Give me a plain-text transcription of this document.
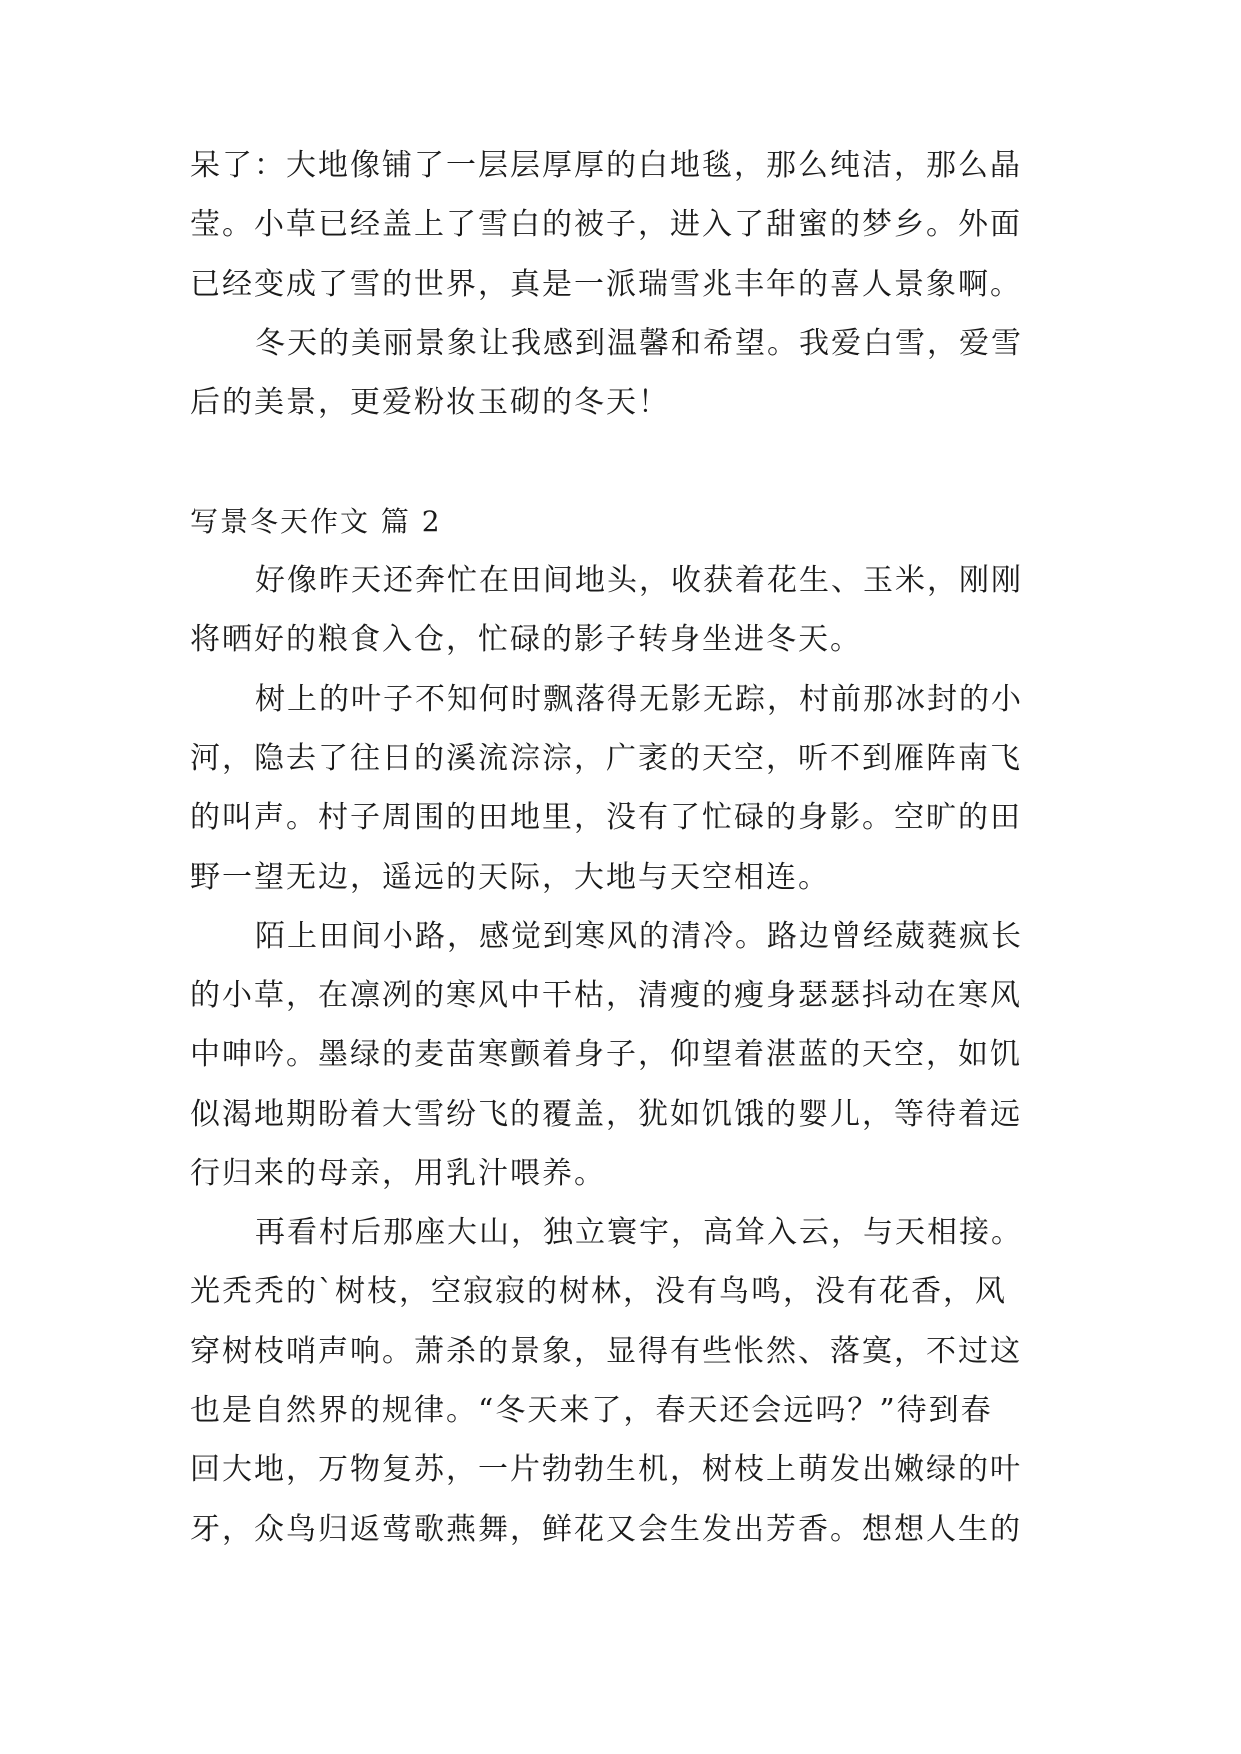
呆了：大地像铺了一层层厚厚的白地毯，那么纯洁，那么晶

莹。小草已经盖上了雪白的被子，进入了甜蜜的梦乡。外面

已经变成了雪的世界，真是一派瑞雪兆丰年的喜人景象啊。

冬天的美丽景象让我感到温馨和希望。我爱白雪，爱雪

后的美景，更爱粉妆玉砌的冬天！

写景冬天作文 篇 2

好像昨天还奔忙在田间地头，收获着花生、玉米，刚刚

将晒好的粮食入仓，忙碌的影子转身坐进冬天。

树上的叶子不知何时飘落得无影无踪，村前那冰封的小

河，隐去了往日的溪流淙淙，广袤的天空，听不到雁阵南飞

的叫声。村子周围的田地里，没有了忙碌的身影。空旷的田

野一望无边，遥远的天际，大地与天空相连。

陌上田间小路，感觉到寒风的清冷。路边曾经葳蕤疯长

的小草，在凛冽的寒风中干枯，清瘦的瘦身瑟瑟抖动在寒风

中呻吟。墨绿的麦苗寒颤着身子，仰望着湛蓝的天空，如饥

似渴地期盼着大雪纷飞的覆盖，犹如饥饿的婴儿，等待着远

行归来的母亲，用乳汁喂养。

再看村后那座大山，独立寰宇，高耸入云，与天相接。

光秃秃的`树枝，空寂寂的树林，没有鸟鸣，没有花香，风

穿树枝哨声响。萧杀的景象，显得有些怅然、落寞，不过这

也是自然界的规律。“冬天来了，春天还会远吗？”待到春

回大地，万物复苏，一片勃勃生机，树枝上萌发出嫩绿的叶

牙，众鸟归返莺歌燕舞，鲜花又会生发出芳香。想想人生的
